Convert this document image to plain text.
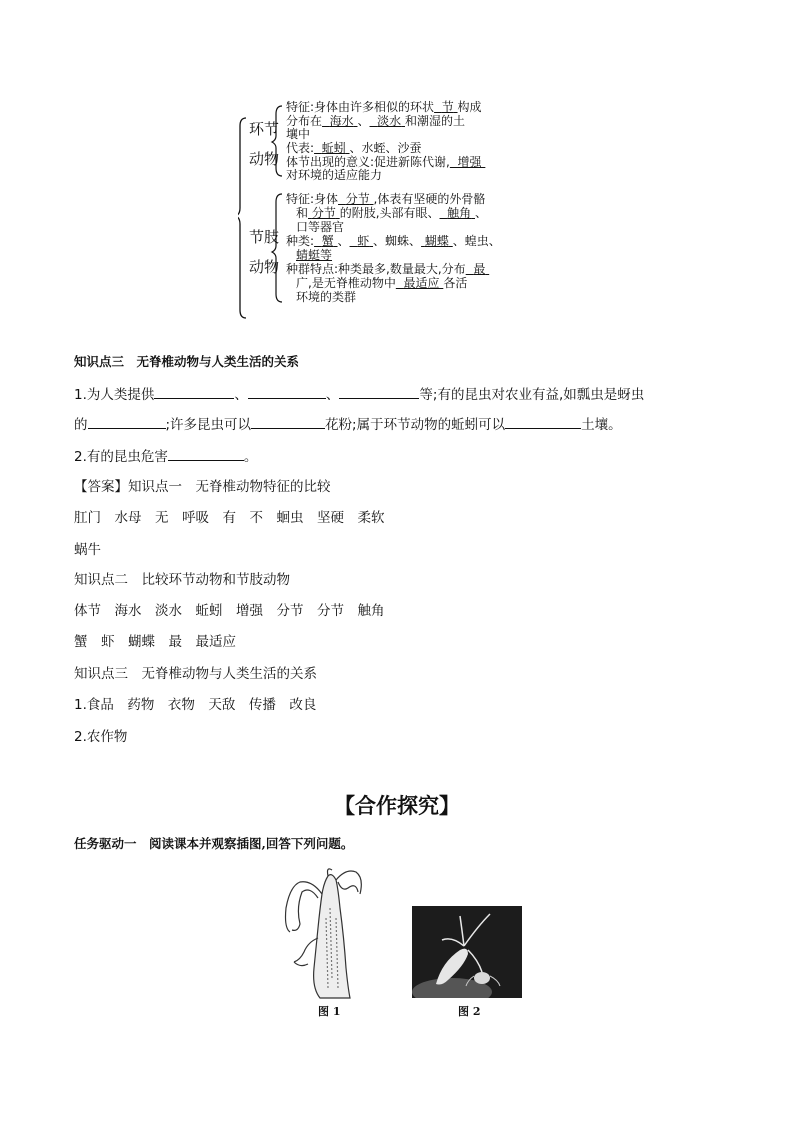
环节
动物
特征:身体由许多相似的环状 节 构成
分布在 海水 、 淡水 和潮湿的土
壤中
代表: 蚯蚓 、水蛭、沙蚕
体节出现的意义:促进新陈代谢, 增强
对环境的适应能力
节肢
动物
特征:身体 分节 ,体表有坚硬的外骨骼
和 分节 的附肢,头部有眼、 触角 、
口等器官
种类: 蟹 、 虾 、蜘蛛、 蝴蝶 、蝗虫、
蜻蜓等
种群特点:种类最多,数量最大,分布 最
广,是无脊椎动物中 最适应 各活
环境的类群
知识点三　无脊椎动物与人类生活的关系
1.为人类提供	、	、	等;有的昆虫对农业有益,如瓢虫是蚜虫
的	;许多昆虫可以	花粉;属于环节动物的蚯蚓可以	土壤。
2.有的昆虫危害	。
【答案】知识点一　无脊椎动物特征的比较
肛门　水母　无　呼吸　有　不　蛔虫　坚硬　柔软
蜗牛
知识点二　比较环节动物和节肢动物
体节　海水　淡水　蚯蚓　增强　分节　分节　触角
蟹　虾　蝴蝶　最　最适应
知识点三　无脊椎动物与人类生活的关系
1.食品　药物　衣物　天敌　传播　改良
2.农作物
【合作探究】
任务驱动一　阅读课本并观察插图,回答下列问题。
图 1	图 2
